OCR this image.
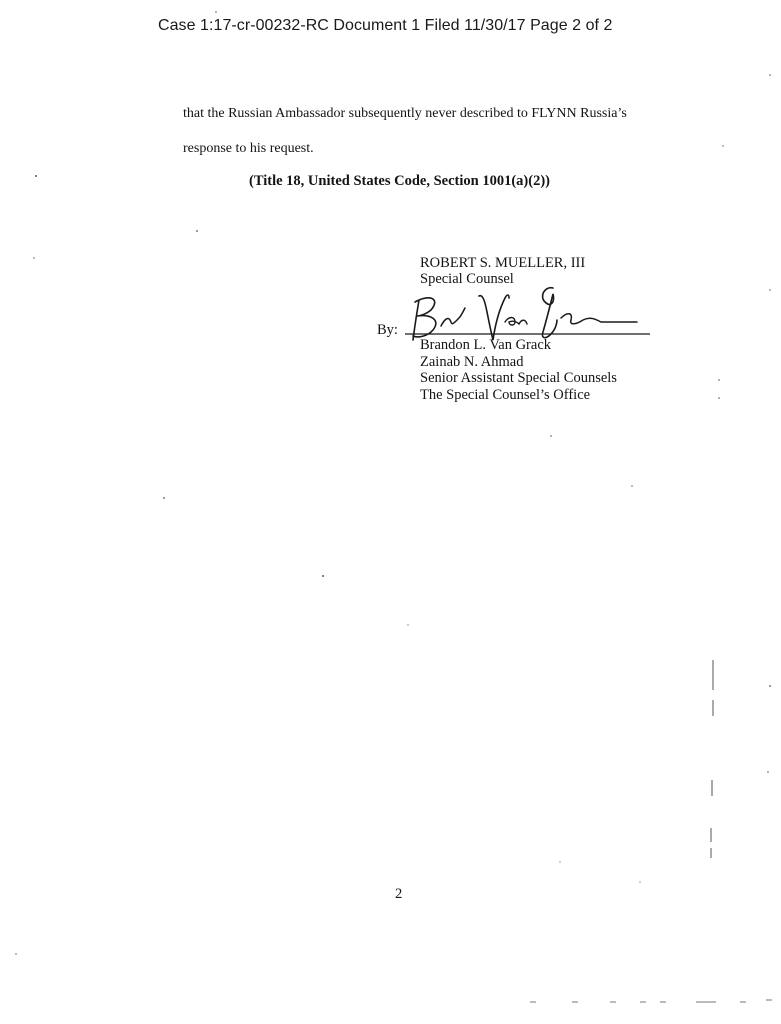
Case 1:17-cr-00232-RC Document 1 Filed 11/30/17 Page 2 of 2
that the Russian Ambassador subsequently never described to FLYNN Russia’s
response to his request.
(Title 18, United States Code, Section 1001(a)(2))
ROBERT S. MUELLER, III
Special Counsel
By:
Brandon L. Van Grack
Zainab N. Ahmad
Senior Assistant Special Counsels
The Special Counsel’s Office
2
